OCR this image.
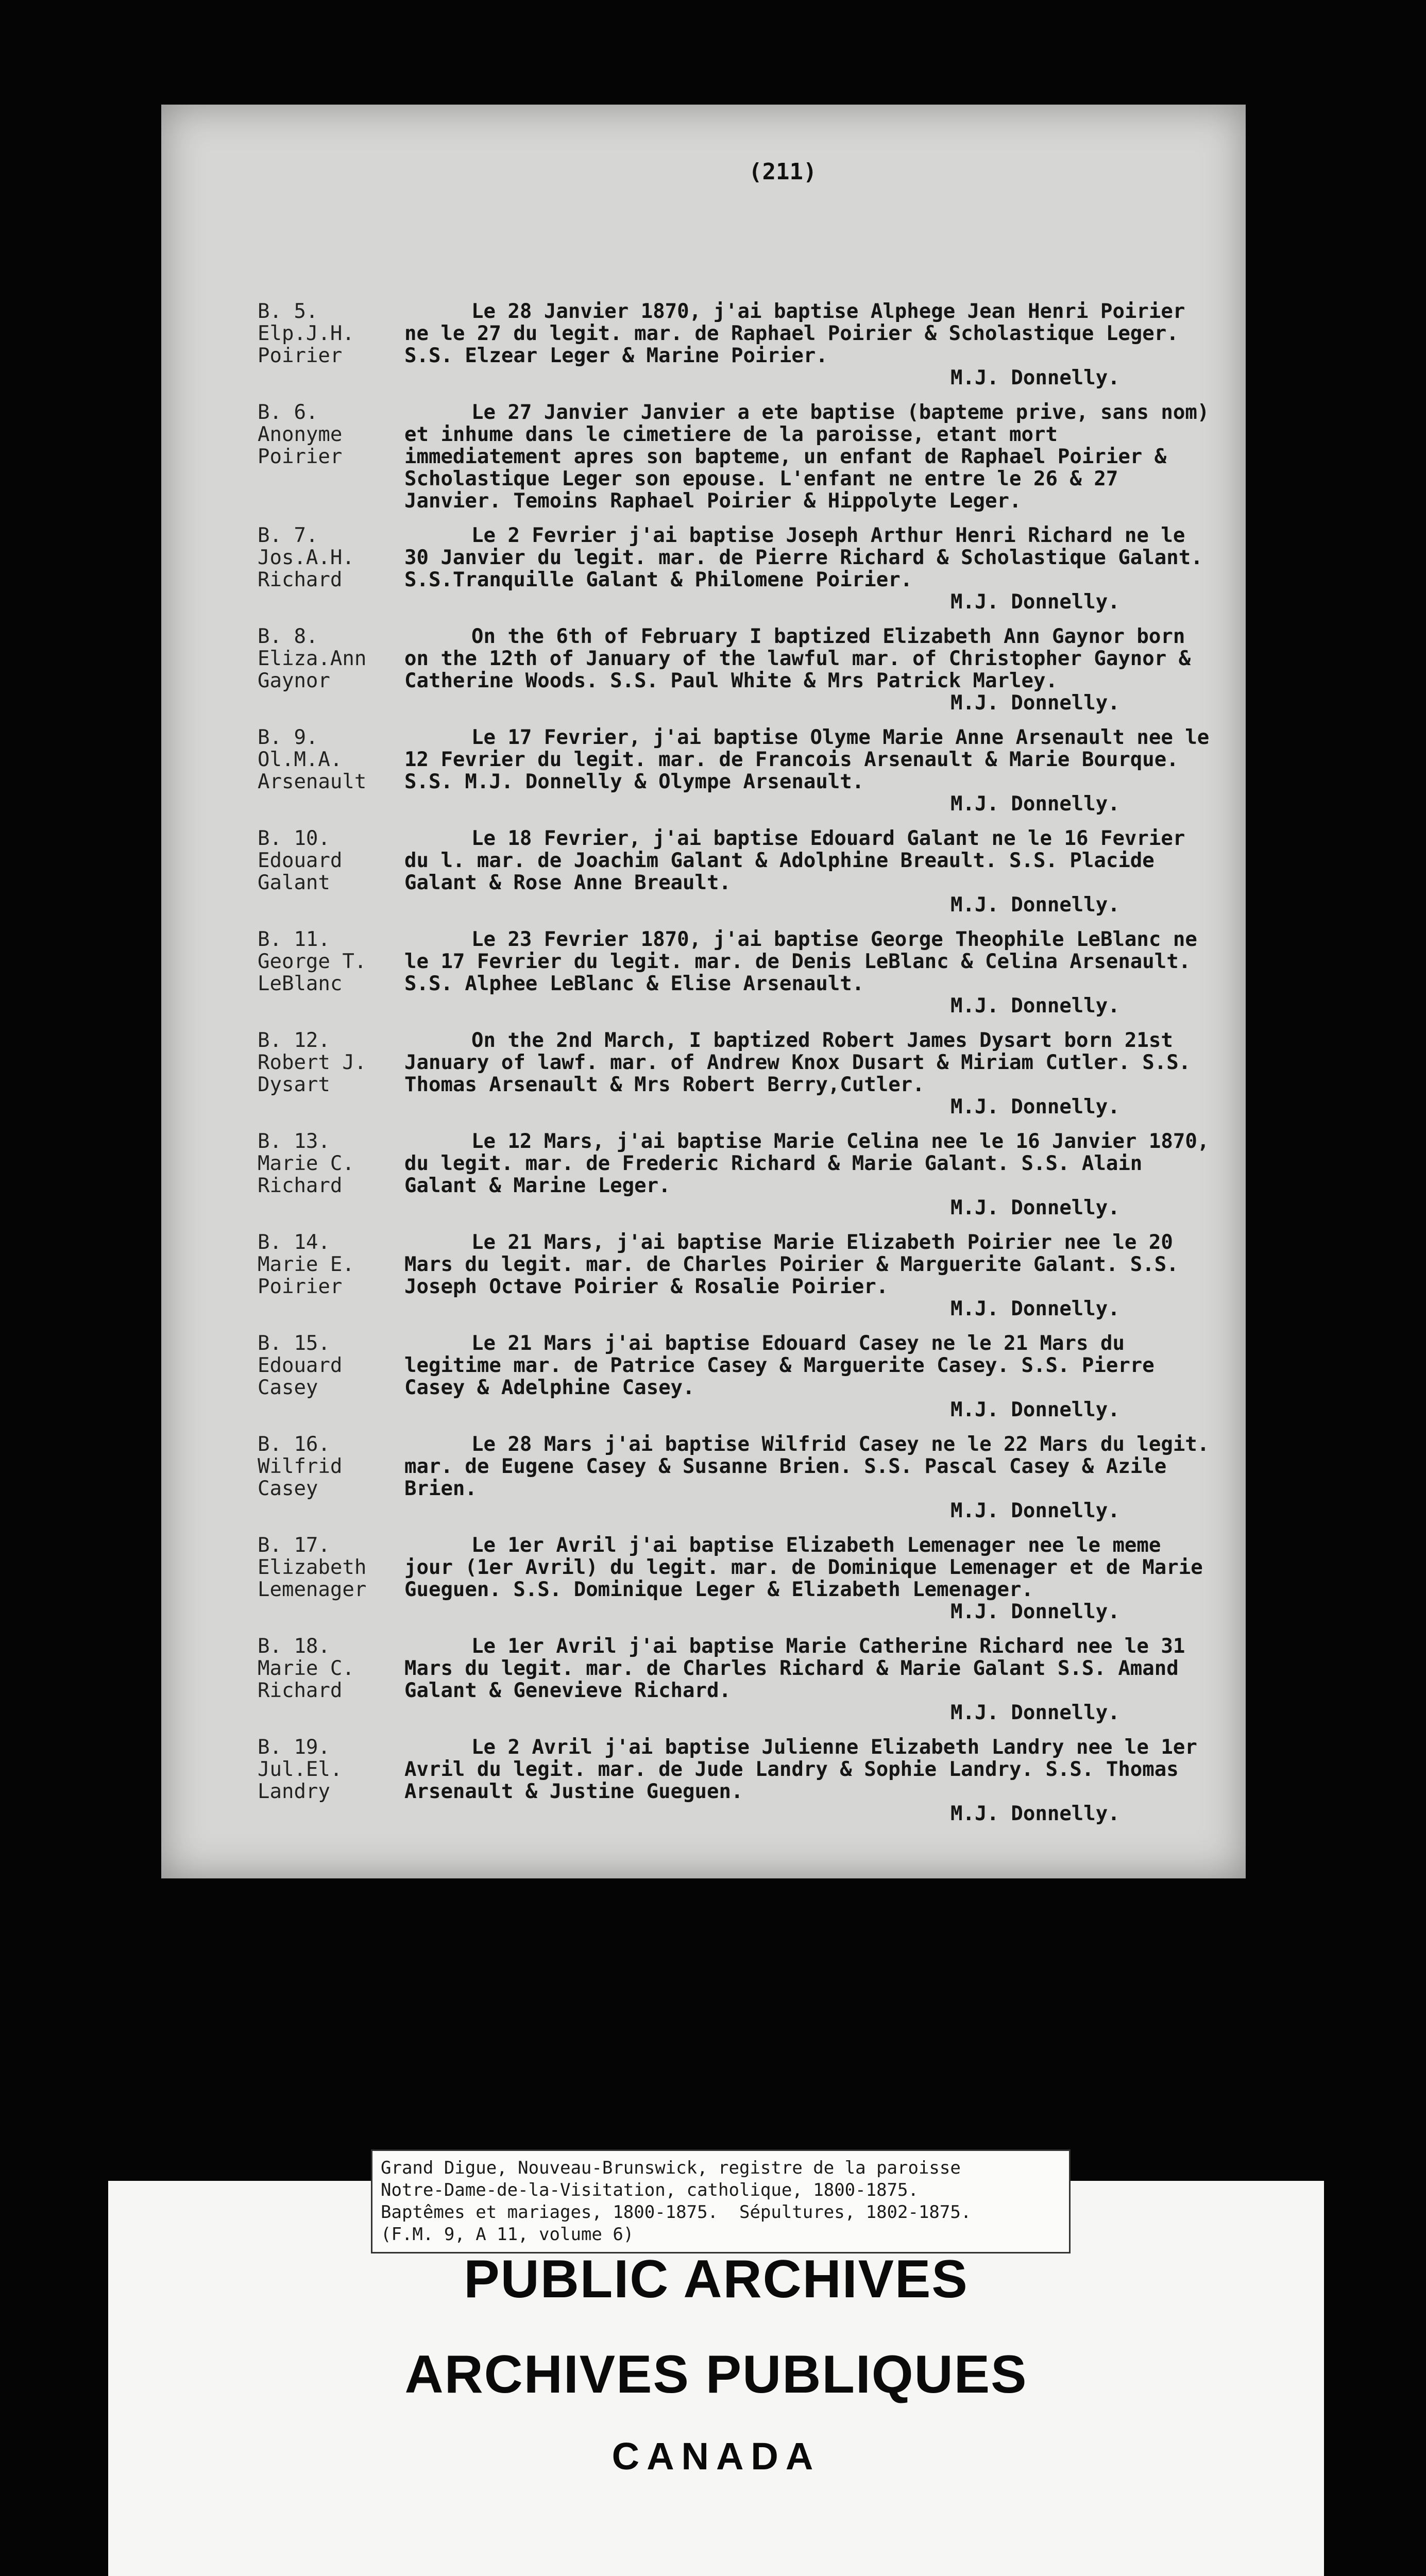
(211)
B. 5.
Elp.J.H.
Poirier

Le 28 Janvier 1870, j'ai baptise Alphege Jean Henri Poirier ne le 27 du legit. mar. de Raphael Poirier & Scholastique Leger. S.S. Elzear Leger & Marine Poirier.

M.J. Donnelly.
B. 6.
Anonyme
Poirier

Le 27 Janvier Janvier a ete baptise (bapteme prive, sans nom) et inhume dans le cimetiere de la paroisse, etant mort immediatement apres son bapteme, un enfant de Raphael Poirier & Scholastique Leger son epouse. L'enfant ne entre le 26 & 27 Janvier. Temoins Raphael Poirier & Hippolyte Leger.

B. 7.
Jos.A.H.
Richard

Le 2 Fevrier j'ai baptise Joseph Arthur Henri Richard ne le 30 Janvier du legit. mar. de Pierre Richard & Scholastique Galant. S.S.Tranquille Galant & Philomene Poirier.

M.J. Donnelly.
B. 8.
Eliza.Ann
Gaynor

On the 6th of February I baptized Elizabeth Ann Gaynor born on the 12th of January of the lawful mar. of Christopher Gaynor & Catherine Woods. S.S. Paul White & Mrs Patrick Marley.

M.J. Donnelly.
B. 9.
Ol.M.A.
Arsenault

Le 17 Fevrier, j'ai baptise Olyme Marie Anne Arsenault nee le 12 Fevrier du legit. mar. de Francois Arsenault & Marie Bourque. S.S. M.J. Donnelly & Olympe Arsenault.

M.J. Donnelly.
B. 10.
Edouard
Galant

Le 18 Fevrier, j'ai baptise Edouard Galant ne le 16 Fevrier du l. mar. de Joachim Galant & Adolphine Breault. S.S. Placide Galant & Rose Anne Breault.

M.J. Donnelly.
B. 11.
George T.
LeBlanc

Le 23 Fevrier 1870, j'ai baptise George Theophile LeBlanc ne le 17 Fevrier du legit. mar. de Denis LeBlanc & Celina Arsenault. S.S. Alphee LeBlanc & Elise Arsenault.

M.J. Donnelly.
B. 12.
Robert J.
Dysart

On the 2nd March, I baptized Robert James Dysart born 21st January of lawf. mar. of Andrew Knox Dusart & Miriam Cutler. S.S. Thomas Arsenault & Mrs Robert Berry,Cutler.

M.J. Donnelly.
B. 13.
Marie C.
Richard

Le 12 Mars, j'ai baptise Marie Celina nee le 16 Janvier 1870, du legit. mar. de Frederic Richard & Marie Galant. S.S. Alain Galant & Marine Leger.

M.J. Donnelly.
B. 14.
Marie E.
Poirier

Le 21 Mars, j'ai baptise Marie Elizabeth Poirier nee le 20 Mars du legit. mar. de Charles Poirier & Marguerite Galant. S.S. Joseph Octave Poirier & Rosalie Poirier.

M.J. Donnelly.
B. 15.
Edouard
Casey

Le 21 Mars j'ai baptise Edouard Casey ne le 21 Mars du legitime mar. de Patrice Casey & Marguerite Casey. S.S. Pierre Casey & Adelphine Casey.

M.J. Donnelly.
B. 16.
Wilfrid
Casey

Le 28 Mars j'ai baptise Wilfrid Casey ne le 22 Mars du legit. mar. de Eugene Casey & Susanne Brien. S.S. Pascal Casey & Azile Brien.

M.J. Donnelly.
B. 17.
Elizabeth
Lemenager

Le 1er Avril j'ai baptise Elizabeth Lemenager nee le meme jour (1er Avril) du legit. mar. de Dominique Lemenager et de Marie Gueguen. S.S. Dominique Leger & Elizabeth Lemenager.

M.J. Donnelly.
B. 18.
Marie C.
Richard

Le 1er Avril j'ai baptise Marie Catherine Richard nee le 31 Mars du legit. mar. de Charles Richard & Marie Galant S.S. Amand Galant & Genevieve Richard.

M.J. Donnelly.
B. 19.
Jul.El.
Landry

Le 2 Avril j'ai baptise Julienne Elizabeth Landry nee le 1er Avril du legit. mar. de Jude Landry & Sophie Landry. S.S. Thomas Arsenault & Justine Gueguen.

M.J. Donnelly.
Grand Digue, Nouveau-Brunswick, registre de la paroisse
Notre-Dame-de-la-Visitation, catholique, 1800-1875.
Baptêmes et mariages, 1800-1875.  Sépultures, 1802-1875.
(F.M. 9, A 11, volume 6)
PUBLIC ARCHIVES
ARCHIVES PUBLIQUES
CANADA
